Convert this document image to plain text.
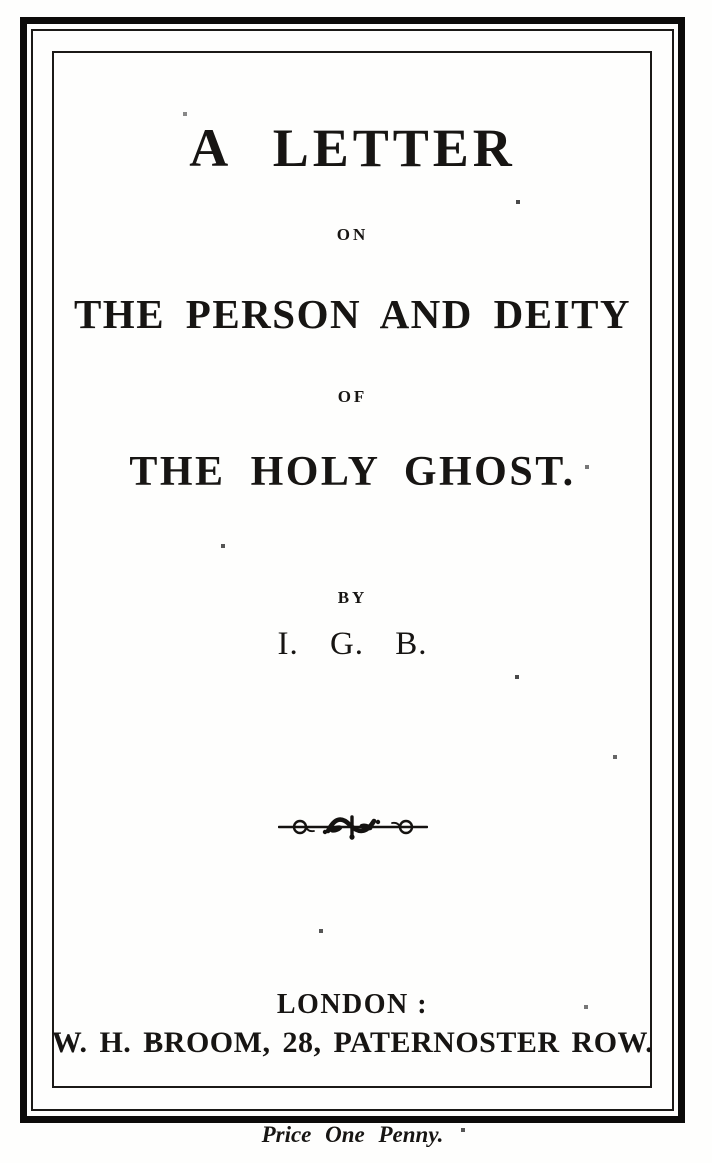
A LETTER
ON
THE PERSON AND DEITY
OF
THE HOLY GHOST.
BY
I. G. B.
LONDON :
W. H. BROOM, 28, PATERNOSTER ROW.
Price One Penny.
